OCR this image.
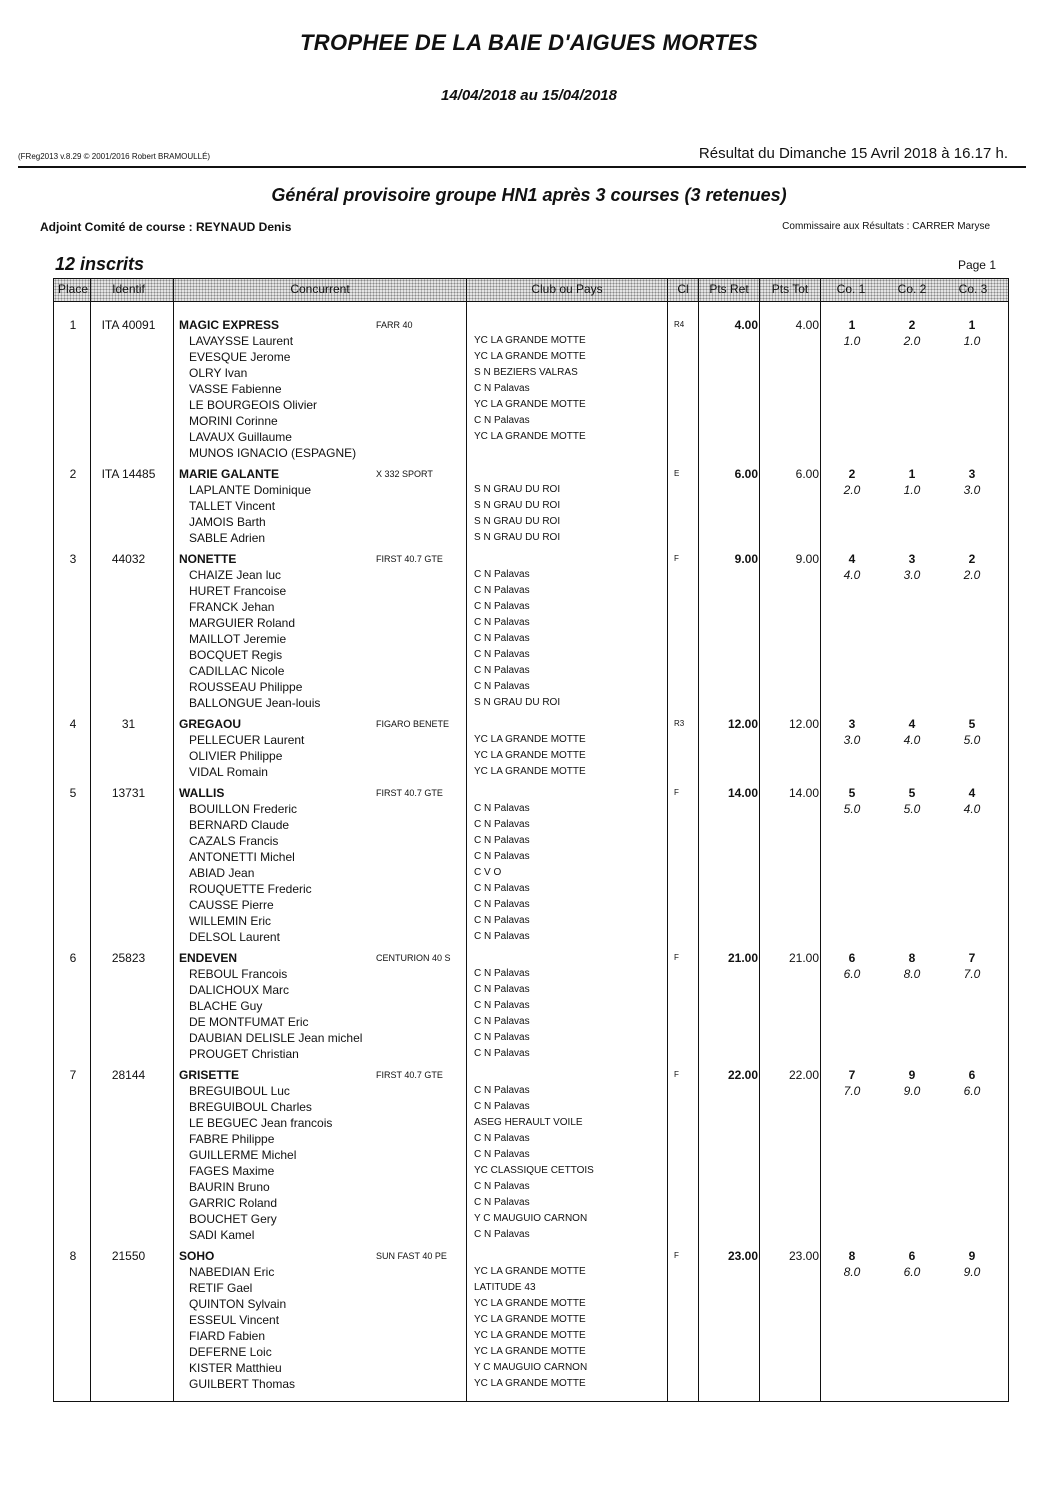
TROPHEE DE LA BAIE D'AIGUES MORTES
14/04/2018 au 15/04/2018
(FReg2013 v.8.29 © 2001/2016 Robert BRAMOULLÉ)	Résultat du Dimanche 15 Avril 2018 à 16.17 h.
Général provisoire groupe HN1 après 3 courses (3 retenues)
Adjoint Comité de course : REYNAUD Denis	Commissaire aux Résultats : CARRER Maryse
12 inscrits	Page 1
Place	Identif	Concurrent	Club ou Pays	Cl	Pts Ret	Pts Tot	Co. 1	Co. 2	Co. 3
1	ITA 40091	MAGIC EXPRESS	FARR 40	R4	4.00	4.00	1	2	1
LAVAYSSE Laurent	YC LA GRANDE MOTTE	1.0	2.0	1.0
EVESQUE Jerome	YC LA GRANDE MOTTE
OLRY Ivan	S N BEZIERS VALRAS
VASSE Fabienne	C N Palavas
LE BOURGEOIS Olivier	YC LA GRANDE MOTTE
MORINI Corinne	C N Palavas
LAVAUX Guillaume	YC LA GRANDE MOTTE
MUNOS IGNACIO (ESPAGNE)
2	ITA 14485	MARIE GALANTE	X 332 SPORT	E	6.00	6.00	2	1	3
LAPLANTE Dominique	S N GRAU DU ROI	2.0	1.0	3.0
TALLET Vincent	S N GRAU DU ROI
JAMOIS Barth	S N GRAU DU ROI
SABLE Adrien	S N GRAU DU ROI
3	44032	NONETTE	FIRST 40.7 GTE	F	9.00	9.00	4	3	2
CHAIZE Jean luc	C N Palavas	4.0	3.0	2.0
HURET Francoise	C N Palavas
FRANCK Jehan	C N Palavas
MARGUIER Roland	C N Palavas
MAILLOT Jeremie	C N Palavas
BOCQUET Regis	C N Palavas
CADILLAC Nicole	C N Palavas
ROUSSEAU Philippe	C N Palavas
BALLONGUE Jean-louis	S N GRAU DU ROI
4	31	GREGAOU	FIGARO BENETE	R3	12.00	12.00	3	4	5
PELLECUER Laurent	YC LA GRANDE MOTTE	3.0	4.0	5.0
OLIVIER Philippe	YC LA GRANDE MOTTE
VIDAL Romain	YC LA GRANDE MOTTE
5	13731	WALLIS	FIRST 40.7 GTE	F	14.00	14.00	5	5	4
BOUILLON Frederic	C N Palavas	5.0	5.0	4.0
BERNARD Claude	C N Palavas
CAZALS Francis	C N Palavas
ANTONETTI Michel	C N Palavas
ABIAD Jean	C V O
ROUQUETTE Frederic	C N Palavas
CAUSSE Pierre	C N Palavas
WILLEMIN Eric	C N Palavas
DELSOL Laurent	C N Palavas
6	25823	ENDEVEN	CENTURION 40 S	F	21.00	21.00	6	8	7
REBOUL Francois	C N Palavas	6.0	8.0	7.0
DALICHOUX Marc	C N Palavas
BLACHE Guy	C N Palavas
DE MONTFUMAT Eric	C N Palavas
DAUBIAN DELISLE Jean michel	C N Palavas
PROUGET Christian	C N Palavas
7	28144	GRISETTE	FIRST 40.7 GTE	F	22.00	22.00	7	9	6
BREGUIBOUL Luc	C N Palavas	7.0	9.0	6.0
BREGUIBOUL Charles	C N Palavas
LE BEGUEC Jean francois	ASEG HERAULT VOILE
FABRE Philippe	C N Palavas
GUILLERME Michel	C N Palavas
FAGES Maxime	YC CLASSIQUE CETTOIS
BAURIN Bruno	C N Palavas
GARRIC Roland	C N Palavas
BOUCHET Gery	Y C MAUGUIO CARNON
SADI Kamel	C N Palavas
8	21550	SOHO	SUN FAST 40 PE	F	23.00	23.00	8	6	9
NABEDIAN Eric	YC LA GRANDE MOTTE	8.0	6.0	9.0
RETIF Gael	LATITUDE 43
QUINTON Sylvain	YC LA GRANDE MOTTE
ESSEUL Vincent	YC LA GRANDE MOTTE
FIARD Fabien	YC LA GRANDE MOTTE
DEFERNE Loic	YC LA GRANDE MOTTE
KISTER Matthieu	Y C MAUGUIO CARNON
GUILBERT Thomas	YC LA GRANDE MOTTE
